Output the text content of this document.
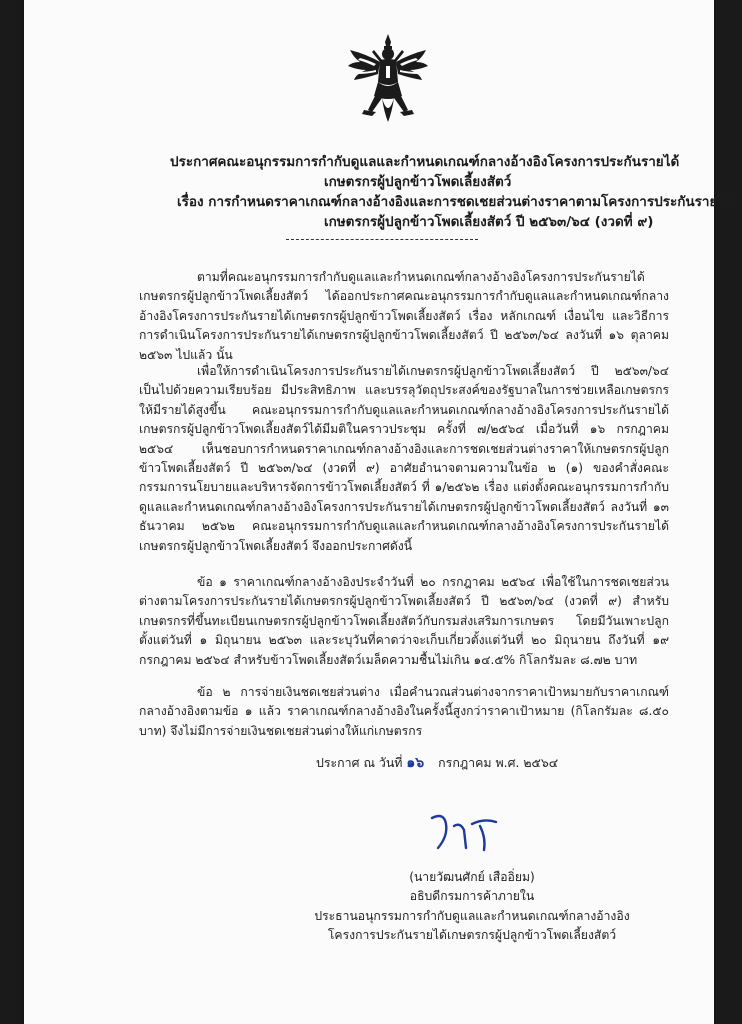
ประกาศคณะอนุกรรมการกำกับดูแลและกำหนดเกณฑ์กลางอ้างอิงโครงการประกันรายได้
เกษตรกรผู้ปลูกข้าวโพดเลี้ยงสัตว์
เรื่อง การกำหนดราคาเกณฑ์กลางอ้างอิงและการชดเชยส่วนต่างราคาตามโครงการประกันรายได้
เกษตรกรผู้ปลูกข้าวโพดเลี้ยงสัตว์ ปี ๒๕๖๓/๖๔ (งวดที่ ๙)

ตามที่คณะอนุกรรมการกำกับดูแลและกำหนดเกณฑ์กลางอ้างอิงโครงการประกันรายได้เกษตรกรผู้ปลูกข้าวโพดเลี้ยงสัตว์ ได้ออกประกาศคณะอนุกรรมการกำกับดูแลและกำหนดเกณฑ์กลางอ้างอิงโครงการประกันรายได้เกษตรกรผู้ปลูกข้าวโพดเลี้ยงสัตว์ เรื่อง หลักเกณฑ์ เงื่อนไข และวิธีการ การดำเนินโครงการประกันรายได้เกษตรกรผู้ปลูกข้าวโพดเลี้ยงสัตว์ ปี ๒๕๖๓/๖๔ ลงวันที่ ๑๖ ตุลาคม ๒๕๖๓ ไปแล้ว นั้น

เพื่อให้การดำเนินโครงการประกันรายได้เกษตรกรผู้ปลูกข้าวโพดเลี้ยงสัตว์ ปี ๒๕๖๓/๖๔ เป็นไปด้วยความเรียบร้อย มีประสิทธิภาพ และบรรลุวัตถุประสงค์ของรัฐบาลในการช่วยเหลือเกษตรกรให้มีรายได้สูงขึ้น คณะอนุกรรมการกำกับดูแลและกำหนดเกณฑ์กลางอ้างอิงโครงการประกันรายได้เกษตรกรผู้ปลูกข้าวโพดเลี้ยงสัตว์ได้มีมติในคราวประชุม ครั้งที่ ๗/๒๕๖๔ เมื่อวันที่ ๑๖ กรกฎาคม ๒๕๖๔ เห็นชอบการกำหนดราคาเกณฑ์กลางอ้างอิงและการชดเชยส่วนต่างราคาให้เกษตรกรผู้ปลูกข้าวโพดเลี้ยงสัตว์ ปี ๒๕๖๓/๖๔ (งวดที่ ๙) อาศัยอำนาจตามความในข้อ ๒ (๑) ของคำสั่งคณะกรรมการนโยบายและบริหารจัดการข้าวโพดเลี้ยงสัตว์ ที่ ๑/๒๕๖๒ เรื่อง แต่งตั้งคณะอนุกรรมการกำกับดูแลและกำหนดเกณฑ์กลางอ้างอิงโครงการประกันรายได้เกษตรกรผู้ปลูกข้าวโพดเลี้ยงสัตว์ ลงวันที่ ๑๓ ธันวาคม ๒๕๖๒ คณะอนุกรรมการกำกับดูแลและกำหนดเกณฑ์กลางอ้างอิงโครงการประกันรายได้เกษตรกรผู้ปลูกข้าวโพดเลี้ยงสัตว์ จึงออกประกาศดังนี้

ข้อ ๑ ราคาเกณฑ์กลางอ้างอิงประจำวันที่ ๒๐ กรกฎาคม ๒๕๖๔ เพื่อใช้ในการชดเชยส่วนต่างตามโครงการประกันรายได้เกษตรกรผู้ปลูกข้าวโพดเลี้ยงสัตว์ ปี ๒๕๖๓/๖๔ (งวดที่ ๙) สำหรับเกษตรกรที่ขึ้นทะเบียนเกษตรกรผู้ปลูกข้าวโพดเลี้ยงสัตว์กับกรมส่งเสริมการเกษตร โดยมีวันเพาะปลูกตั้งแต่วันที่ ๑ มิถุนายน ๒๕๖๓ และระบุวันที่คาดว่าจะเก็บเกี่ยวตั้งแต่วันที่ ๒๐ มิถุนายน ถึงวันที่ ๑๙ กรกฎาคม ๒๕๖๔ สำหรับข้าวโพดเลี้ยงสัตว์เมล็ดความชื้นไม่เกิน ๑๔.๕% กิโลกรัมละ ๘.๗๒ บาท

ข้อ ๒ การจ่ายเงินชดเชยส่วนต่าง เมื่อคำนวณส่วนต่างจากราคาเป้าหมายกับราคาเกณฑ์กลางอ้างอิงตามข้อ ๑ แล้ว ราคาเกณฑ์กลางอ้างอิงในครั้งนี้สูงกว่าราคาเป้าหมาย (กิโลกรัมละ ๘.๕๐ บาท) จึงไม่มีการจ่ายเงินชดเชยส่วนต่างให้แก่เกษตรกร

ประกาศ ณ วันที่ ๑๖ กรกฎาคม พ.ศ. ๒๕๖๔
(นายวัฒนศักย์ เสืออิ่ยม)
อธิบดีกรมการค้าภายใน
ประธานอนุกรรมการกำกับดูแลและกำหนดเกณฑ์กลางอ้างอิง
โครงการประกันรายได้เกษตรกรผู้ปลูกข้าวโพดเลี้ยงสัตว์
